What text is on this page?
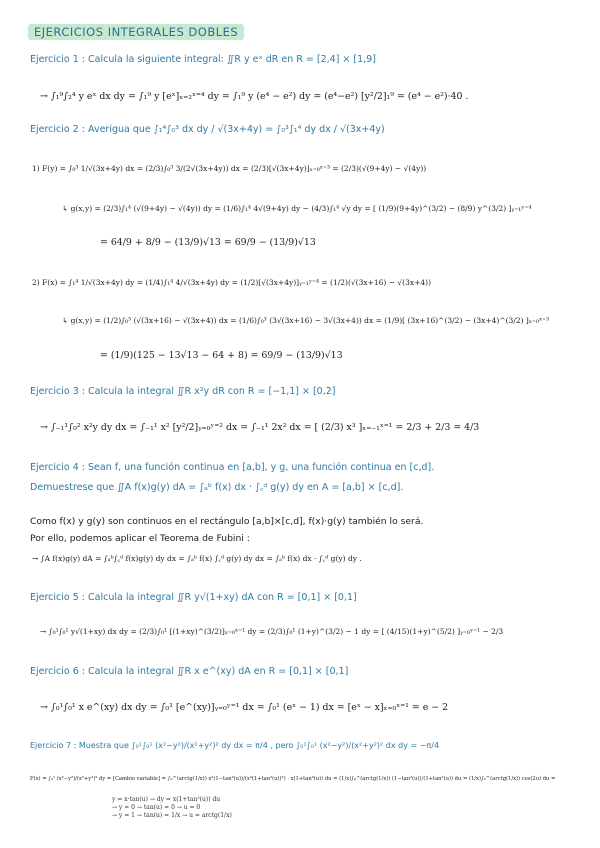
EJERCICIOS INTEGRALES DOBLES
Ejercicio 1 : Calcula la siguiente integral: ∬R y eˣ dR en R = [2,4] × [1,9]
→ ∫₁⁹∫₂⁴ y eˣ dx dy = ∫₁⁹ y [eˣ]ₓ₌₂ˣ⁼⁴ dy = ∫₁⁹ y (e⁴ − e²) dy = (e⁴−e²) [y²/2]₁⁹ = (e⁴ − e²)·40 .
Ejercicio 2 : Averigua que ∫₁⁴∫₀³ dx dy / √(3x+4y) = ∫₀³∫₁⁴ dy dx / √(3x+4y)
1) F(y) = ∫₀³ 1/√(3x+4y) dx = (2/3)∫₀³ 3/(2√(3x+4y)) dx = (2/3)[√(3x+4y)]ₓ₌₀ˣ⁼³ = (2/3)(√(9+4y) − √(4y))
↳ g(x,y) = (2/3)∫₁⁴ (√(9+4y) − √(4y)) dy = (1/6)∫₁⁴ 4√(9+4y) dy − (4/3)∫₁⁴ √y dy = [ (1/9)(9+4y)^(3/2) − (8/9) y^(3/2) ]ᵧ₌₁ʸ⁼⁴
= 64/9 + 8/9 − (13/9)√13 = 69/9 − (13/9)√13
2) F(x) = ∫₁⁴ 1/√(3x+4y) dy = (1/4)∫₁⁴ 4/√(3x+4y) dy = (1/2)[√(3x+4y)]ᵧ₌₁ʸ⁼⁴ = (1/2)(√(3x+16) − √(3x+4))
↳ g(x,y) = (1/2)∫₀³ (√(3x+16) − √(3x+4)) dx = (1/6)∫₀³ (3√(3x+16) − 3√(3x+4)) dx = (1/9)[ (3x+16)^(3/2) − (3x+4)^(3/2) ]ₓ₌₀ˣ⁼³
= (1/9)(125 − 13√13 − 64 + 8) = 69/9 − (13/9)√13
Ejercicio 3 : Calcula la integral ∬R x²y dR con R = [−1,1] × [0,2]
→ ∫₋₁¹∫₀² x²y dy dx = ∫₋₁¹ x² [y²/2]ᵧ₌₀ʸ⁼² dx = ∫₋₁¹ 2x² dx = [ (2/3) x³ ]ₓ₌₋₁ˣ⁼¹ = 2/3 + 2/3 = 4/3
Ejercicio 4 : Sean f, una función continua en [a,b], y g, una función continua en [c,d].
Demuestrese que ∬A f(x)g(y) dA = ∫ₐᵇ f(x) dx · ∫꜀ᵈ g(y) dy en A = [a,b] × [c,d].
Como f(x) y g(y) son continuos en el rectángulo [a,b]×[c,d], f(x)·g(y) también lo será.
Por ello, podemos aplicar el Teorema de Fubini :
→ ∫A f(x)g(y) dA = ∫ₐᵇ∫꜀ᵈ f(x)g(y) dy dx = ∫ₐᵇ f(x) ∫꜀ᵈ g(y) dy dx = ∫ₐᵇ f(x) dx · ∫꜀ᵈ g(y) dy .
Ejercicio 5 : Calcula la integral ∬R y√(1+xy) dA con R = [0,1] × [0,1]
→ ∫₀¹∫₀¹ y√(1+xy) dx dy = (2/3)∫₀¹ [(1+xy)^(3/2)]ₓ₌₀ˣ⁼¹ dy = (2/3)∫₀¹ (1+y)^(3/2) − 1 dy = [ (4/15)(1+y)^(5/2) ]ᵧ₌₀ʸ⁼¹ − 2/3
Ejercicio 6 : Calcula la integral ∬R x e^(xy) dA en R = [0,1] × [0,1]
→ ∫₀¹∫₀¹ x e^(xy) dx dy = ∫₀¹ [e^(xy)]ᵧ₌₀ʸ⁼¹ dx = ∫₀¹ (eˣ − 1) dx = [eˣ − x]ₓ₌₀ˣ⁼¹ = e − 2
Ejercicio 7 : Muestra que ∫₀¹∫₀¹ (x²−y²)/(x²+y²)² dy dx = π/4 , pero ∫₀¹∫₀¹ (x²−y²)/(x²+y²)² dx dy = −π/4
F(x) = ∫₀¹ (x²−y²)/(x²+y²)² dy = [Cambio variable] = ∫₀^(arctg(1/x)) x²(1−tan²(u))/(x⁴(1+tan²(u))²) · x(1+tan²(u)) du = (1/x)∫₀^(arctg(1/x)) (1−tan²(u))/(1+tan²(u)) du = (1/x)∫₀^(arctg(1/x)) cos(2u) du =
y = x·tan(u) → dy = x(1+tan²(u)) du
→ y = 0 → tan(u) = 0 → u = 0
→ y = 1 → tan(u) = 1/x → u = arctg(1/x)
